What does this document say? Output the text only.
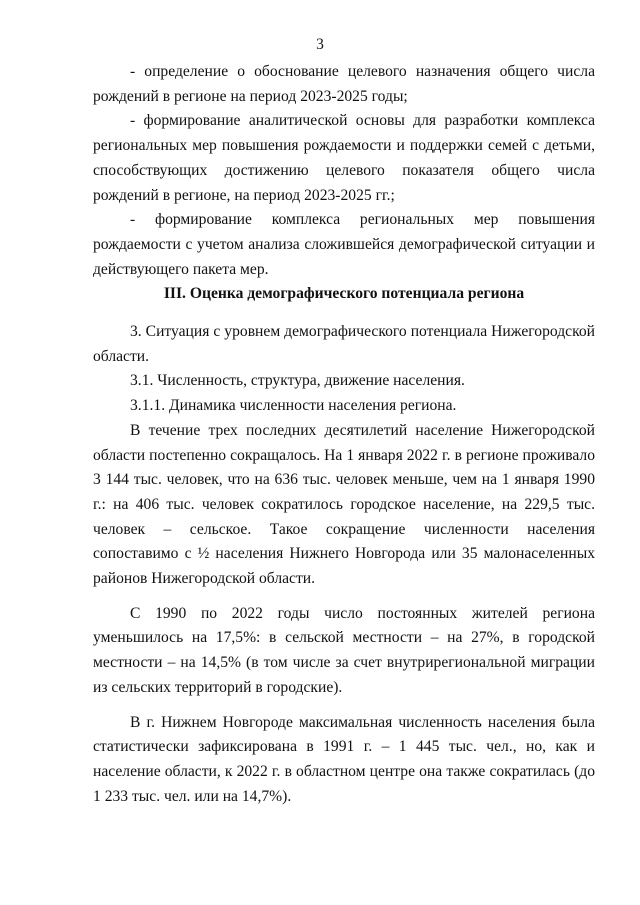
3

- определение о обоснование целевого назначения общего числа рождений в регионе на период 2023-2025 годы;

- формирование аналитической основы для разработки комплекса региональных мер повышения рождаемости и поддержки семей с детьми, способствующих достижению целевого показателя общего числа рождений в регионе, на период 2023-2025 гг.;

- формирование комплекса региональных мер повышения рождаемости с учетом анализа сложившейся демографической ситуации и действующего пакета мер.

III. Оценка демографического потенциала региона

3. Ситуация с уровнем демографического потенциала Нижегородской области.

3.1. Численность, структура, движение населения.

3.1.1. Динамика численности населения региона.

В течение трех последних десятилетий население Нижегородской области постепенно сокращалось. На 1 января 2022 г. в регионе проживало 3 144 тыс. человек, что на 636 тыс. человек меньше, чем на 1 января 1990 г.: на 406 тыс. человек сократилось городское население, на 229,5 тыс. человек – сельское. Такое сокращение численности населения сопоставимо с ½ населения Нижнего Новгорода или 35 малонаселенных районов Нижегородской области.

С 1990 по 2022 годы число постоянных жителей региона уменьшилось на 17,5%: в сельской местности – на 27%, в городской местности – на 14,5% (в том числе за счет внутрирегиональной миграции из сельских территорий в городские).

В г. Нижнем Новгороде максимальная численность населения была статистически зафиксирована в 1991 г. – 1 445 тыс. чел., но, как и население области, к 2022 г. в областном центре она также сократилась (до 1 233 тыс. чел. или на 14,7%).
